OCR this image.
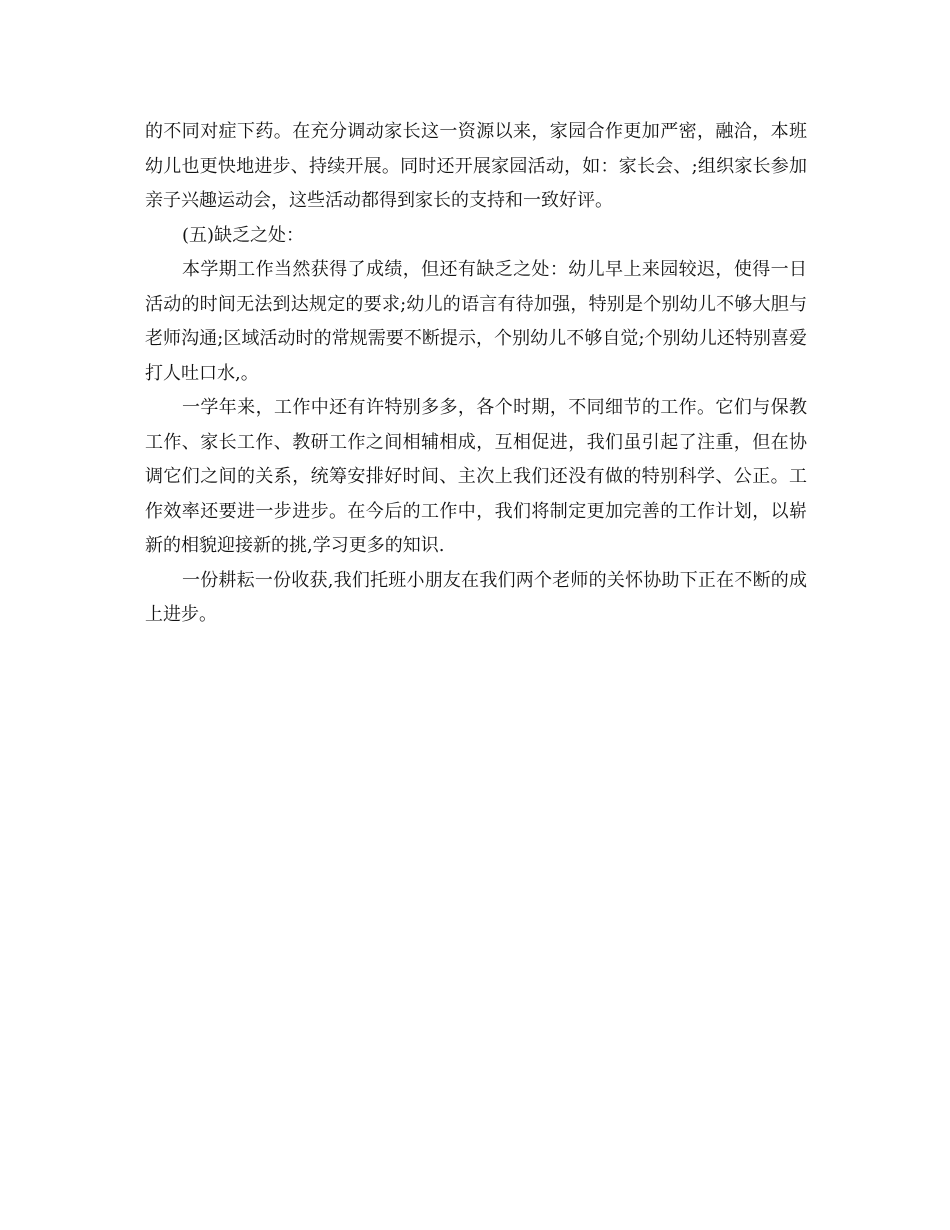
的不同对症下药。在充分调动家长这一资源以来，家园合作更加严密，融洽，本班幼儿也更快地进步、持续开展。同时还开展家园活动，如：家长会、;组织家长参加亲子兴趣运动会，这些活动都得到家长的支持和一致好评。

(五)缺乏之处：

本学期工作当然获得了成绩，但还有缺乏之处：幼儿早上来园较迟，使得一日活动的时间无法到达规定的要求;幼儿的语言有待加强，特别是个别幼儿不够大胆与老师沟通;区域活动时的常规需要不断提示，个别幼儿不够自觉;个别幼儿还特别喜爱打人吐口水,。

一学年来，工作中还有许特别多多，各个时期，不同细节的工作。它们与保教工作、家长工作、教研工作之间相辅相成，互相促进，我们虽引起了注重，但在协调它们之间的关系，统筹安排好时间、主次上我们还没有做的特别科学、公正。工作效率还要进一步进步。在今后的工作中，我们将制定更加完善的工作计划，以崭新的相貌迎接新的挑,学习更多的知识.

一份耕耘一份收获,我们托班小朋友在我们两个老师的关怀协助下正在不断的成上进步。
